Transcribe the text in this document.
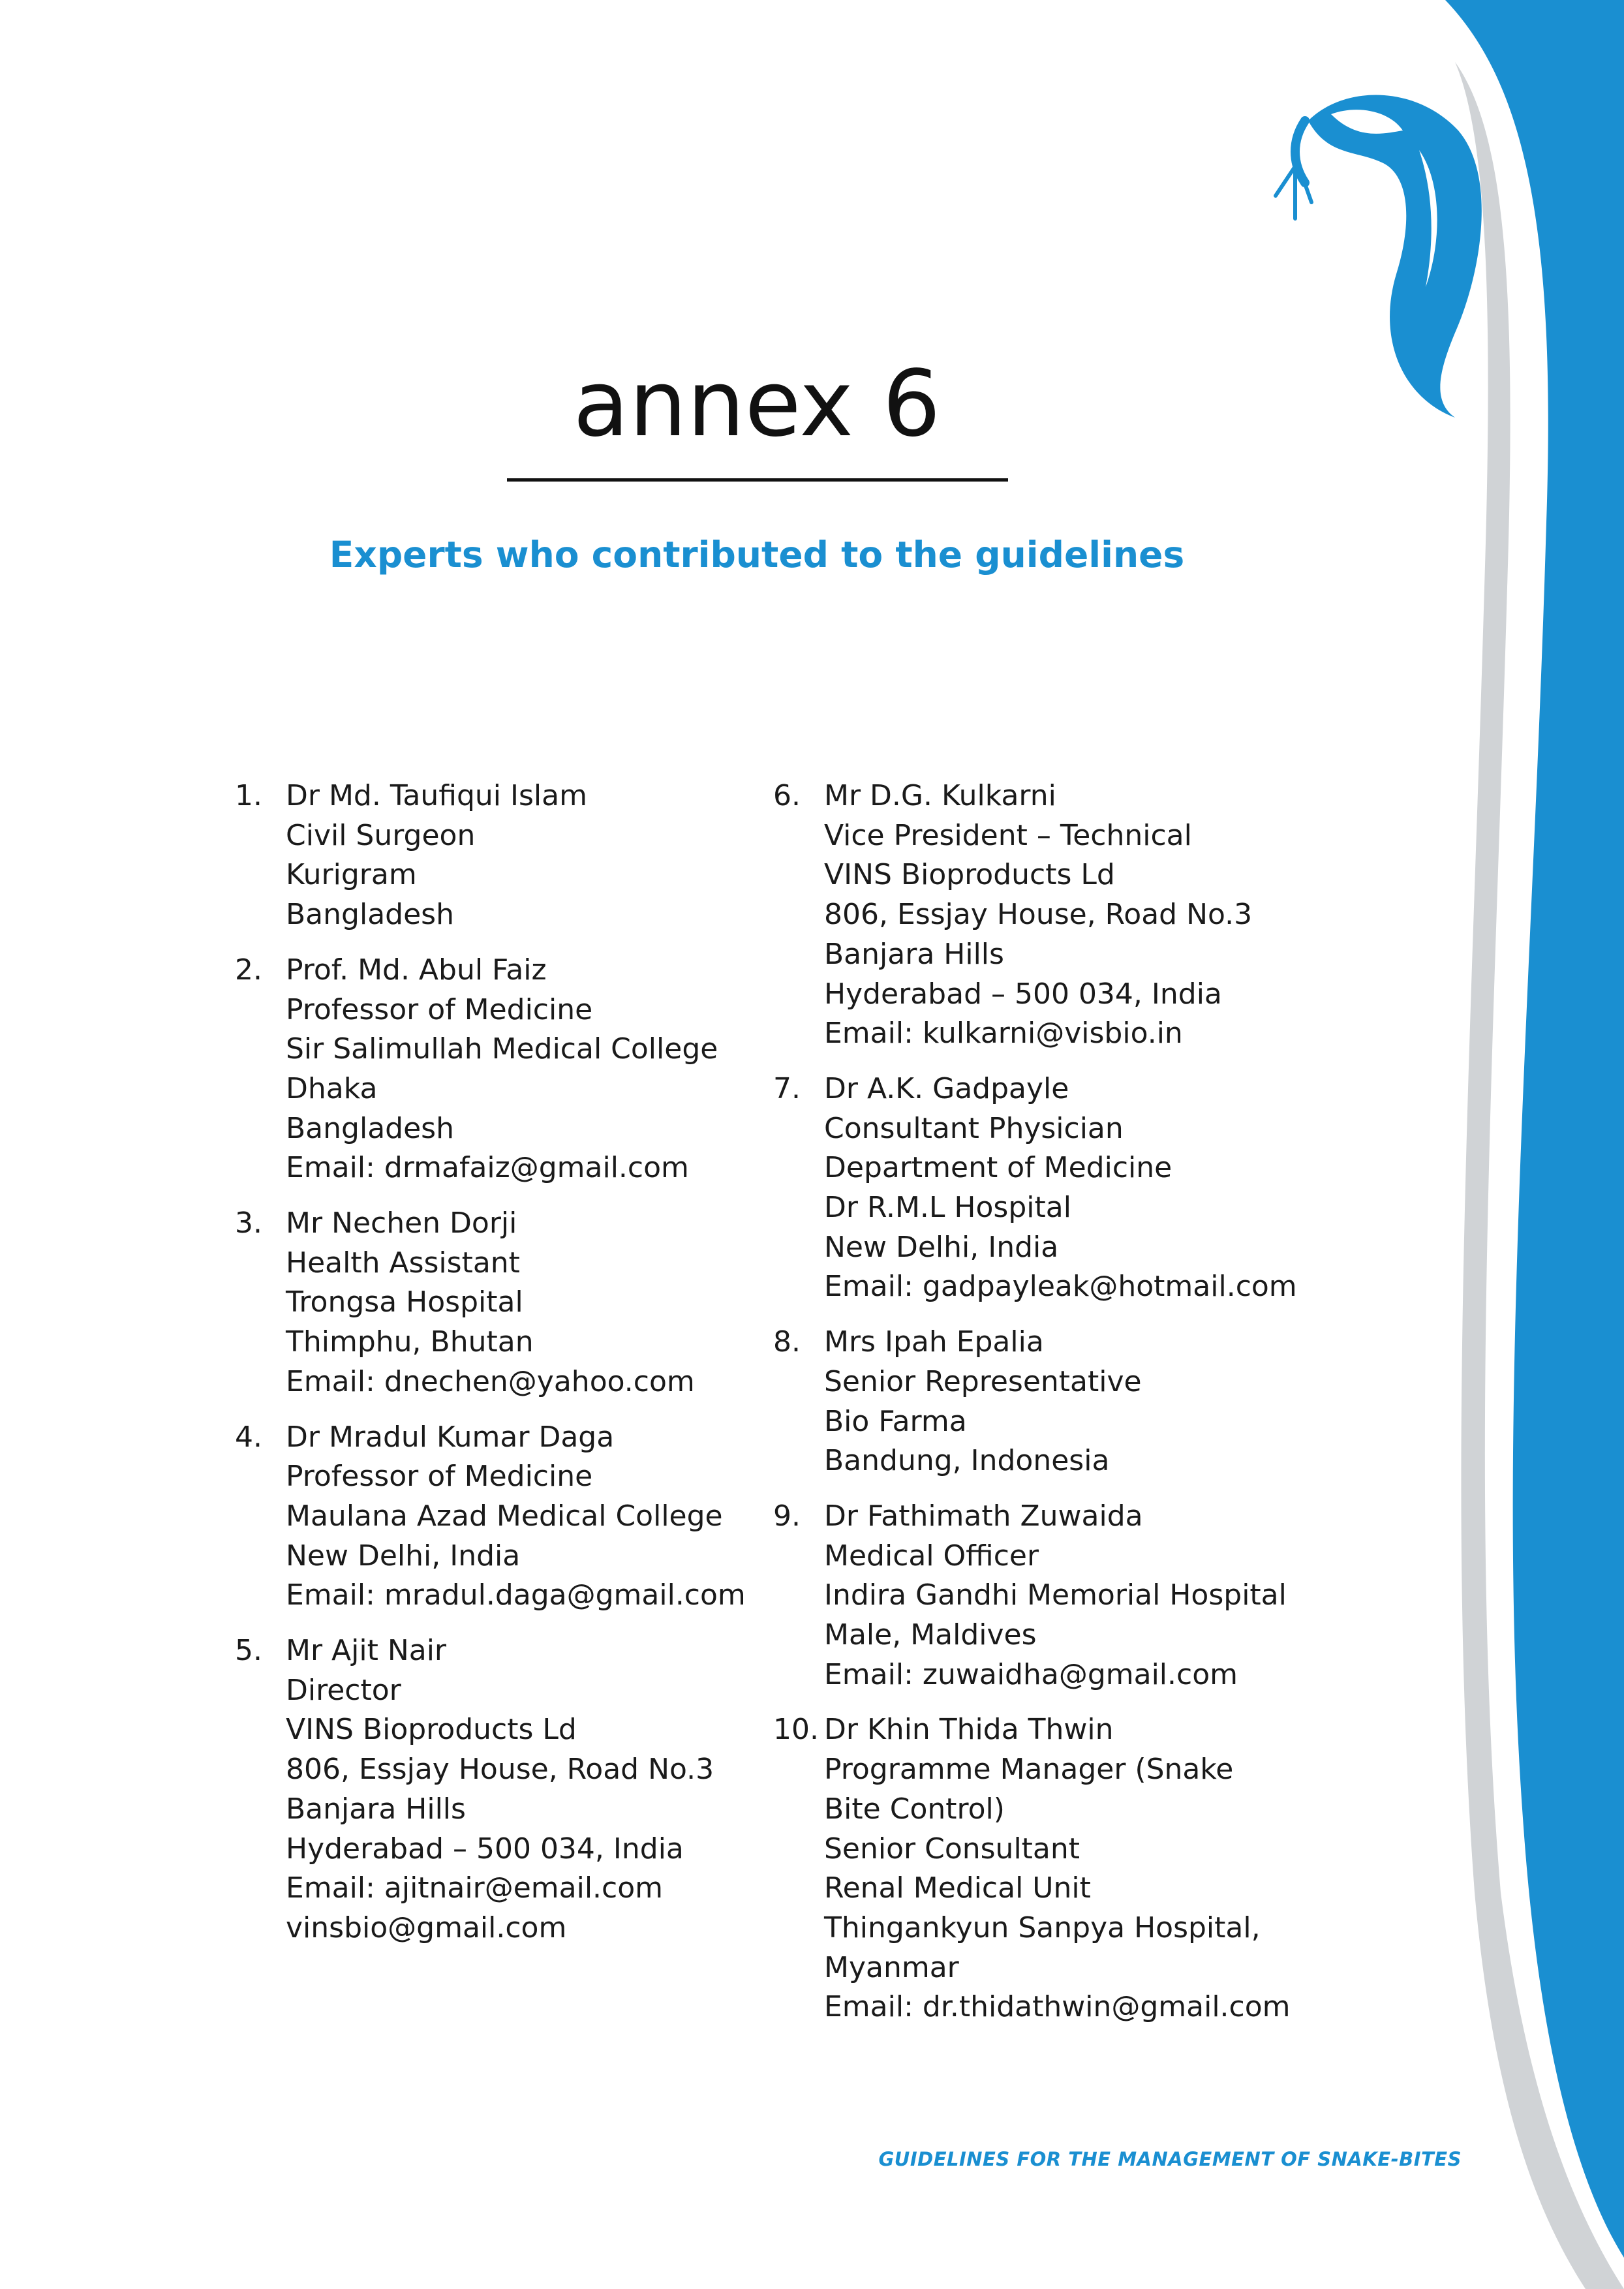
annex 6
Experts who contributed to the guidelines
1. Dr Md. Taufiqui Islam
Civil Surgeon
Kurigram
Bangladesh
2. Prof. Md. Abul Faiz
Professor of Medicine
Sir Salimullah Medical College
Dhaka
Bangladesh
Email: drmafaiz@gmail.com
3. Mr Nechen Dorji
Health Assistant
Trongsa Hospital
Thimphu, Bhutan
Email: dnechen@yahoo.com
4. Dr Mradul Kumar Daga
Professor of Medicine
Maulana Azad Medical College
New Delhi, India
Email: mradul.daga@gmail.com
5. Mr Ajit Nair
Director
VINS Bioproducts Ld
806, Essjay House, Road No.3
Banjara Hills
Hyderabad – 500 034, India
Email: ajitnair@email.com
vinsbio@gmail.com
6. Mr D.G. Kulkarni
Vice President – Technical
VINS Bioproducts Ld
806, Essjay House, Road No.3
Banjara Hills
Hyderabad – 500 034, India
Email: kulkarni@visbio.in
7. Dr A.K. Gadpayle
Consultant Physician
Department of Medicine
Dr R.M.L Hospital
New Delhi, India
Email: gadpayleak@hotmail.com
8. Mrs Ipah Epalia
Senior Representative
Bio Farma
Bandung, Indonesia
9. Dr Fathimath Zuwaida
Medical Officer
Indira Gandhi Memorial Hospital
Male, Maldives
Email: zuwaidha@gmail.com
10. Dr Khin Thida Thwin
Programme Manager (Snake
Bite Control)
Senior Consultant
Renal Medical Unit
Thingankyun Sanpya Hospital,
Myanmar
Email: dr.thidathwin@gmail.com
GUIDELINES FOR THE MANAGEMENT OF SNAKE-BITES
